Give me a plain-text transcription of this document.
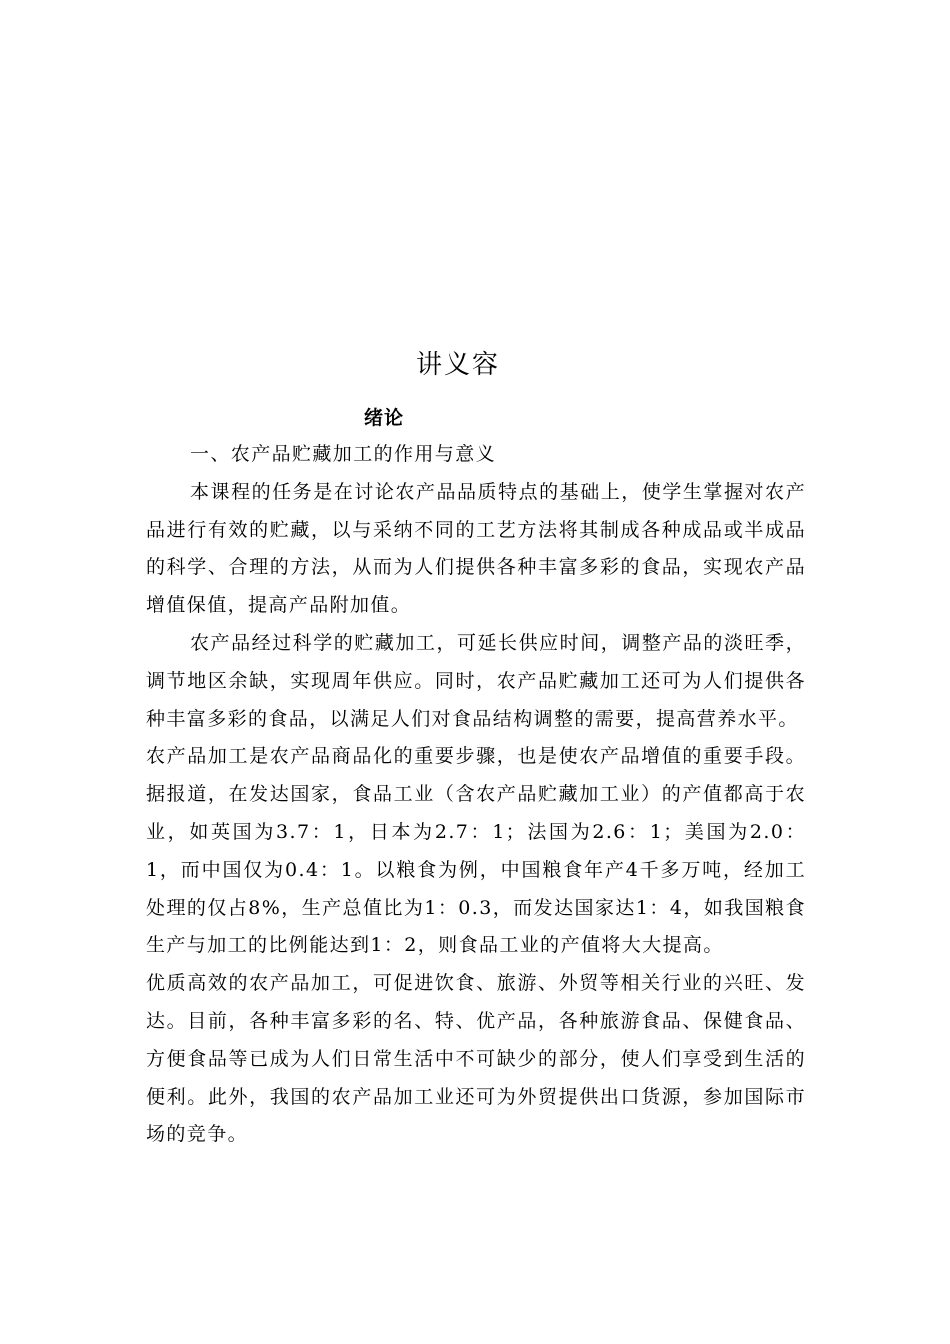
讲义容
绪论

一、农产品贮藏加工的作用与意义

本课程的任务是在讨论农产品品质特点的基础上，使学生掌握对农产品进行有效的贮藏，以与采纳不同的工艺方法将其制成各种成品或半成品的科学、合理的方法，从而为人们提供各种丰富多彩的食品，实现农产品增值保值，提高产品附加值。

农产品经过科学的贮藏加工，可延长供应时间，调整产品的淡旺季，调节地区余缺，实现周年供应。同时，农产品贮藏加工还可为人们提供各种丰富多彩的食品，以满足人们对食品结构调整的需要，提高营养水平。

农产品加工是农产品商品化的重要步骤，也是使农产品增值的重要手段。据报道，在发达国家，食品工业（含农产品贮藏加工业）的产值都高于农业，如英国为3.7：1，日本为2.7：1；法国为2.6：1；美国为2.0：1，而中国仅为0.4：1。以粮食为例，中国粮食年产4千多万吨，经加工处理的仅占8%，生产总值比为1：0.3，而发达国家达1：4，如我国粮食生产与加工的比例能达到1：2，则食品工业的产值将大大提高。

优质高效的农产品加工，可促进饮食、旅游、外贸等相关行业的兴旺、发达。目前，各种丰富多彩的名、特、优产品，各种旅游食品、保健食品、方便食品等已成为人们日常生活中不可缺少的部分，使人们享受到生活的便利。此外，我国的农产品加工业还可为外贸提供出口货源，参加国际市场的竞争。
